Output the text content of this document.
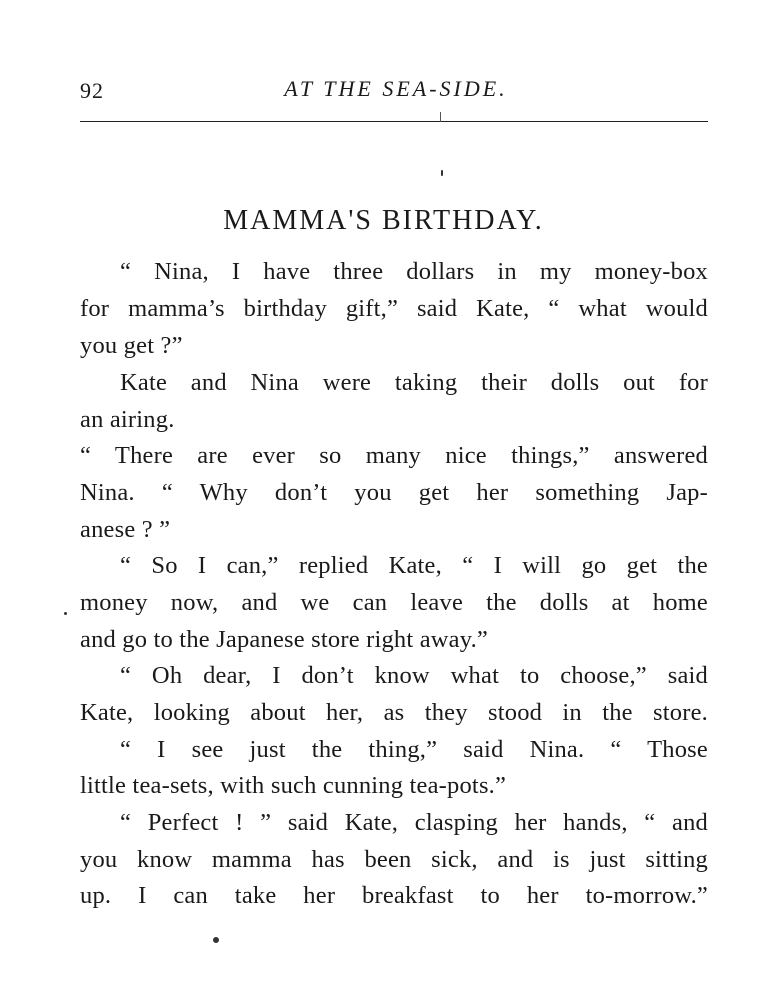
92	AT THE SEA-SIDE.
MAMMA'S BIRTHDAY.
“ Nina, I have three dollars in my money-box
for mamma’s birthday gift,” said Kate, “ what would
you get ?”
Kate and Nina were taking their dolls out for
an airing.
“ There are ever so many nice things,” answered
Nina. “ Why don’t you get her something Jap-
anese ? ”
“ So I can,” replied Kate, “ I will go get the
money now, and we can leave the dolls at home
and go to the Japanese store right away.”
“ Oh dear, I don’t know what to choose,” said
Kate, looking about her, as they stood in the store.
“ I see just the thing,” said Nina. “ Those
little tea-sets, with such cunning tea-pots.”
“ Perfect ! ” said Kate, clasping her hands, “ and
you know mamma has been sick, and is just sitting
up. I can take her breakfast to her to-morrow.”
